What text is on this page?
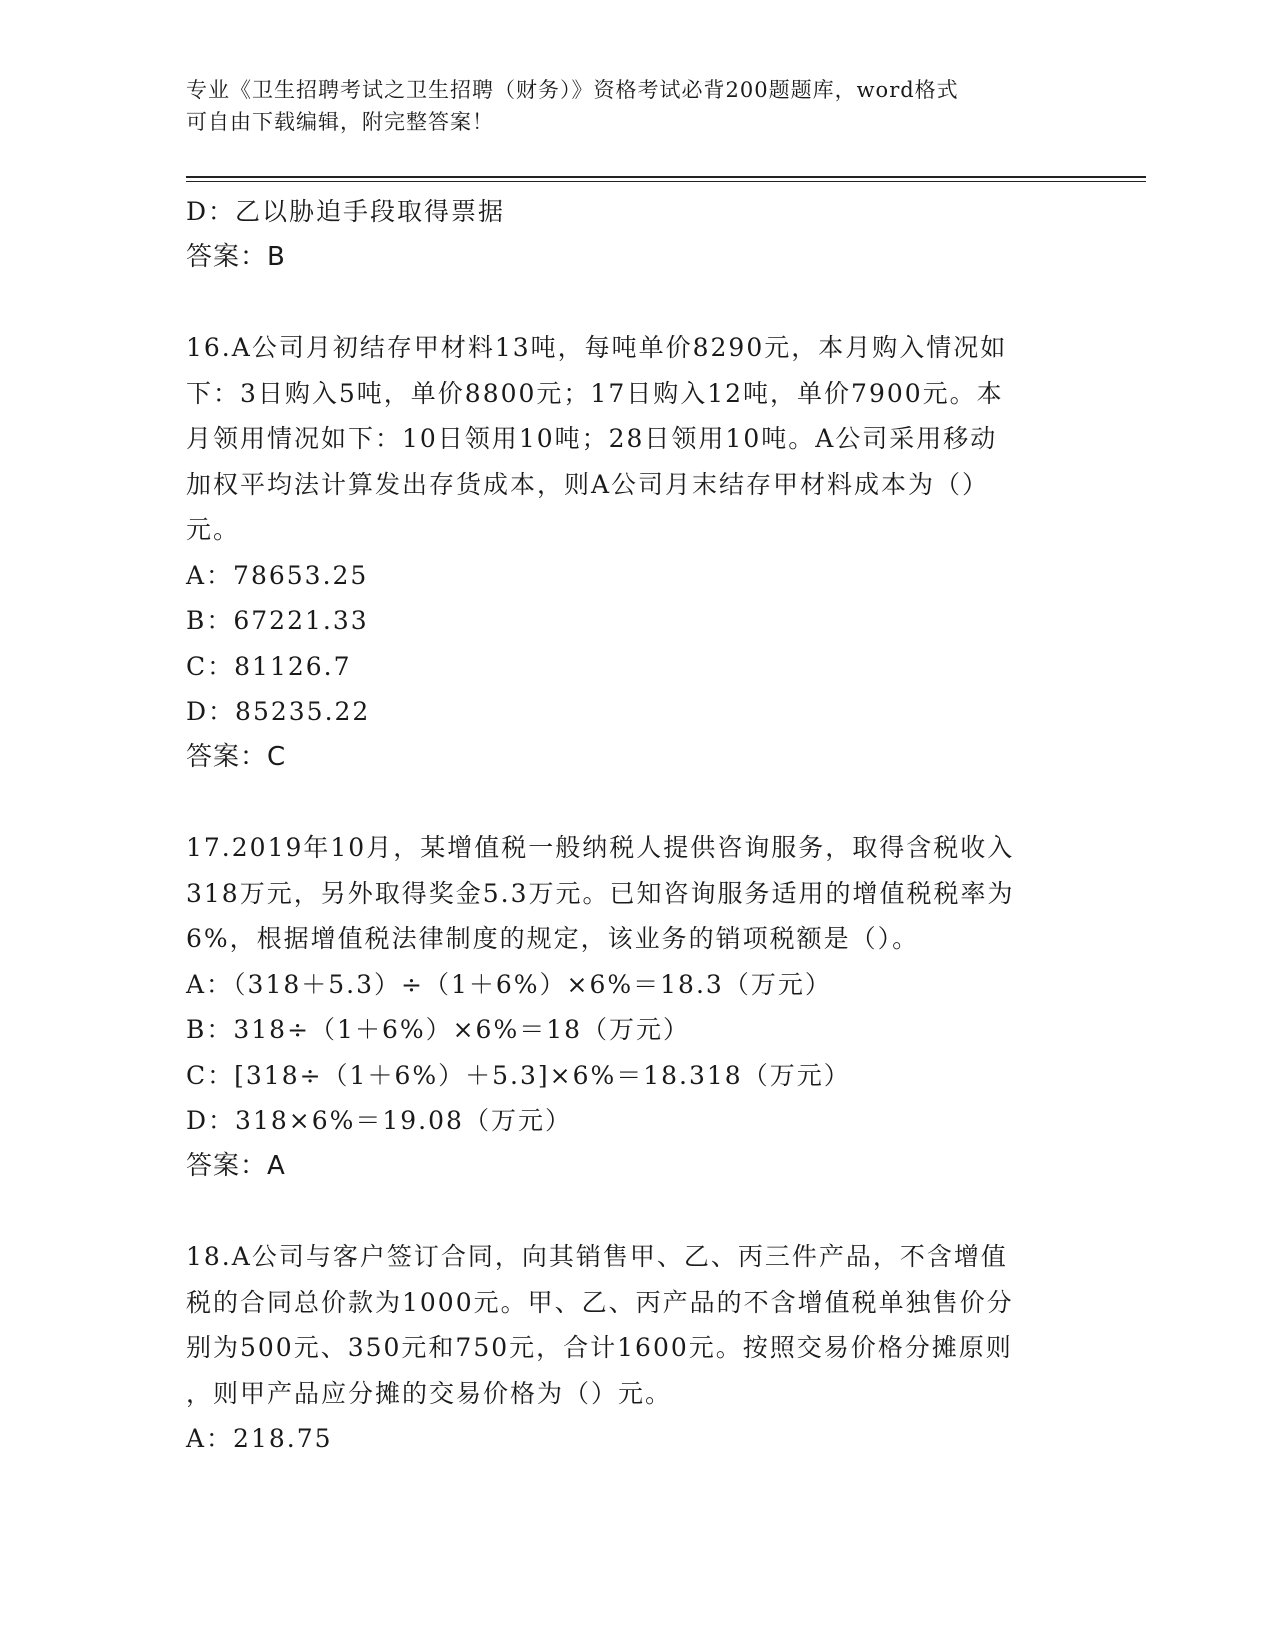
专业《卫生招聘考试之卫生招聘（财务）》资格考试必背200题题库，word格式
可自由下载编辑，附完整答案！
D：乙以胁迫手段取得票据
答案：B
16.A公司月初结存甲材料13吨，每吨单价8290元，本月购入情况如
下：3日购入5吨，单价8800元；17日购入12吨，单价7900元。本
月领用情况如下：10日领用10吨；28日领用10吨。A公司采用移动
加权平均法计算发出存货成本，则A公司月末结存甲材料成本为（）
元。
A：78653.25
B：67221.33
C：81126.7
D：85235.22
答案：C
17.2019年10月，某增值税一般纳税人提供咨询服务，取得含税收入
318万元，另外取得奖金5.3万元。已知咨询服务适用的增值税税率为
6%，根据增值税法律制度的规定，该业务的销项税额是（）。
A：（318＋5.3）÷（1＋6%）×6%＝18.3（万元）
B：318÷（1＋6%）×6%＝18（万元）
C：[318÷（1＋6%）＋5.3]×6%＝18.318（万元）
D：318×6%＝19.08（万元）
答案：A
18.A公司与客户签订合同，向其销售甲、乙、丙三件产品，不含增值
税的合同总价款为1000元。甲、乙、丙产品的不含增值税单独售价分
别为500元、350元和750元，合计1600元。按照交易价格分摊原则
，则甲产品应分摊的交易价格为（）元。
A：218.75
